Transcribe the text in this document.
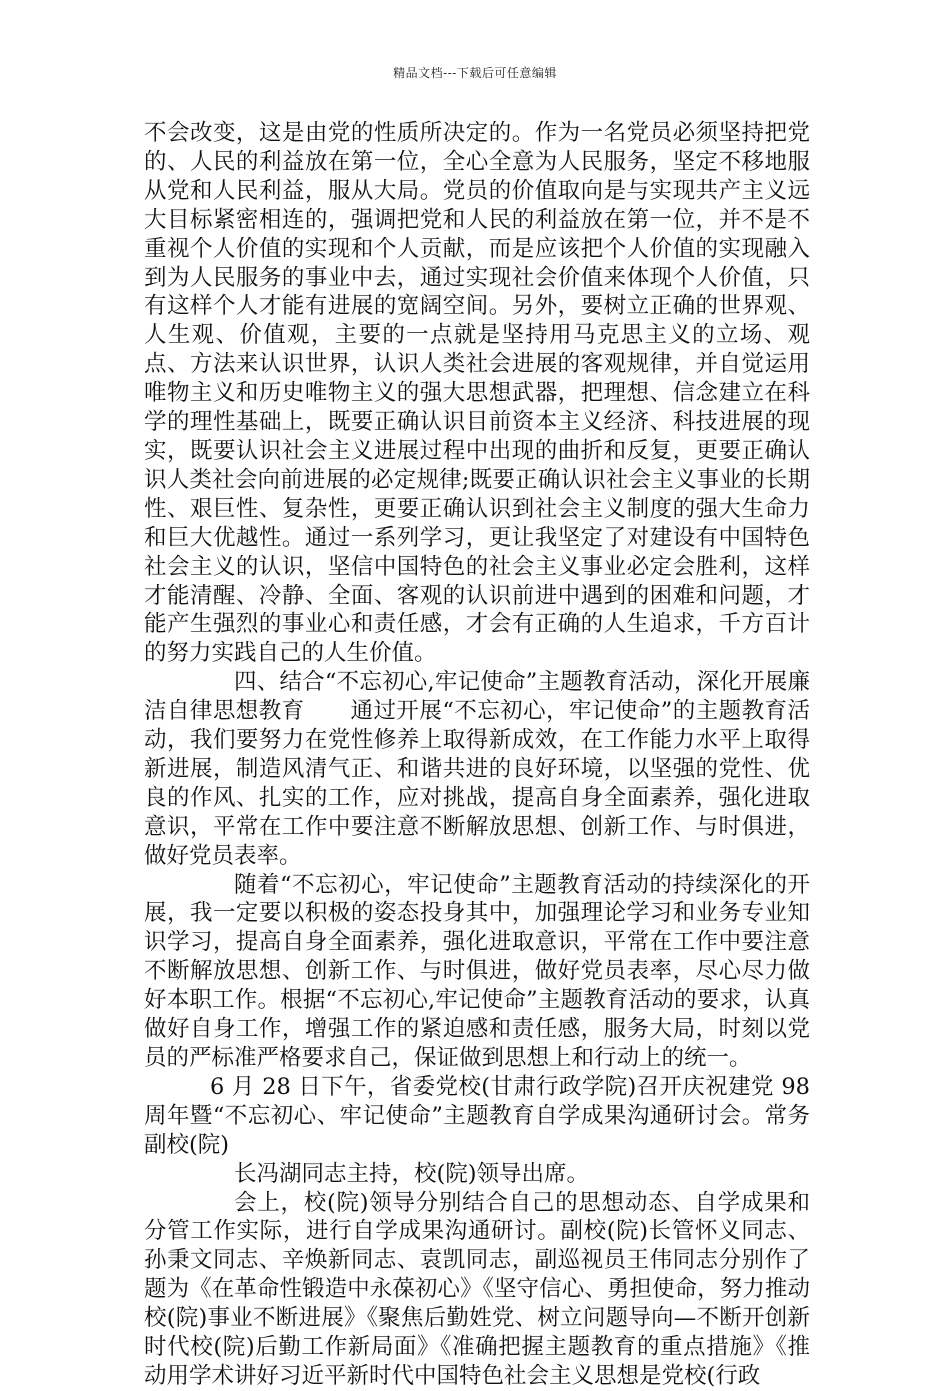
精品文档---下载后可任意编辑

不会改变，这是由党的性质所决定的。作为一名党员必须坚持把党的、人民的利益放在第一位，全心全意为人民服务，坚定不移地服从党和人民利益，服从大局。党员的价值取向是与实现共产主义远大目标紧密相连的，强调把党和人民的利益放在第一位，并不是不重视个人价值的实现和个人贡献，而是应该把个人价值的实现融入到为人民服务的事业中去，通过实现社会价值来体现个人价值，只有这样个人才能有进展的宽阔空间。另外，要树立正确的世界观、人生观、价值观，主要的一点就是坚持用马克思主义的立场、观点、方法来认识世界，认识人类社会进展的客观规律，并自觉运用唯物主义和历史唯物主义的强大思想武器，把理想、信念建立在科学的理性基础上，既要正确认识目前资本主义经济、科技进展的现实，既要认识社会主义进展过程中出现的曲折和反复，更要正确认识人类社会向前进展的必定规律;既要正确认识社会主义事业的长期性、艰巨性、复杂性，更要正确认识到社会主义制度的强大生命力和巨大优越性。通过一系列学习，更让我坚定了对建设有中国特色社会主义的认识，坚信中国特色的社会主义事业必定会胜利，这样才能清醒、冷静、全面、客观的认识前进中遇到的困难和问题，才能产生强烈的事业心和责任感，才会有正确的人生追求，千方百计的努力实践自己的人生价值。

四、结合“不忘初心,牢记使命”主题教育活动，深化开展廉洁自律思想教育　　通过开展“不忘初心，牢记使命”的主题教育活动，我们要努力在党性修养上取得新成效，在工作能力水平上取得新进展，制造风清气正、和谐共进的良好环境，以坚强的党性、优良的作风、扎实的工作，应对挑战，提高自身全面素养，强化进取意识，平常在工作中要注意不断解放思想、创新工作、与时俱进，做好党员表率。

随着“不忘初心，牢记使命”主题教育活动的持续深化的开展，我一定要以积极的姿态投身其中，加强理论学习和业务专业知识学习，提高自身全面素养，强化进取意识，平常在工作中要注意不断解放思想、创新工作、与时俱进，做好党员表率，尽心尽力做好本职工作。根据“不忘初心,牢记使命”主题教育活动的要求，认真做好自身工作，增强工作的紧迫感和责任感，服务大局，时刻以党员的严标准严格要求自己，保证做到思想上和行动上的统一。

6 月 28 日下午，省委党校(甘肃行政学院)召开庆祝建党 98 周年暨“不忘初心、牢记使命”主题教育自学成果沟通研讨会。常务副校(院)

长冯湖同志主持，校(院)领导出席。

会上，校(院)领导分别结合自己的思想动态、自学成果和分管工作实际，进行自学成果沟通研讨。副校(院)长管怀义同志、孙秉文同志、辛焕新同志、袁凯同志，副巡视员王伟同志分别作了题为《在革命性锻造中永葆初心》《坚守信心、勇担使命，努力推动校(院)事业不断进展》《聚焦后勤姓党、树立问题导向—不断开创新时代校(院)后勤工作新局面》《准确把握主题教育的重点措施》《推动用学术讲好习近平新时代中国特色社会主义思想是党校(行政
